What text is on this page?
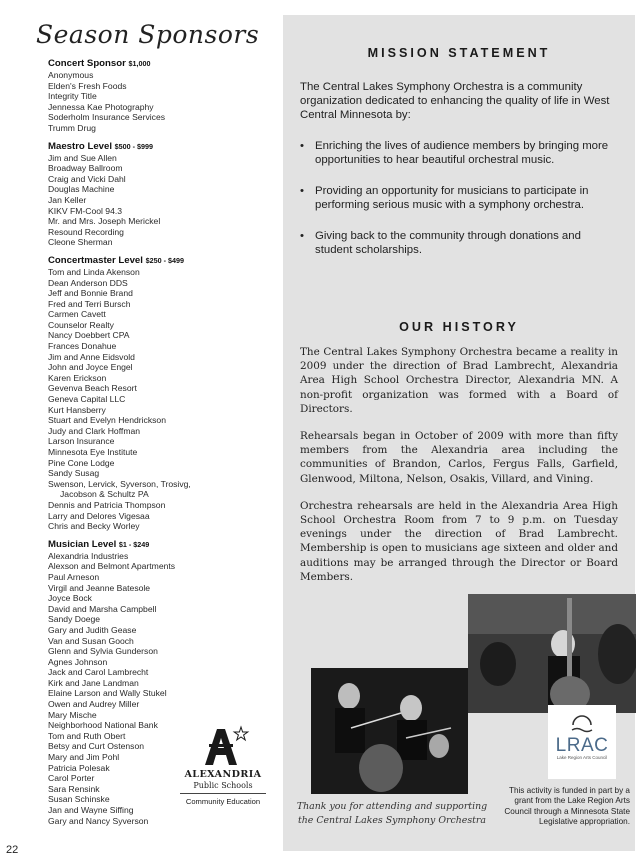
Season Sponsors
Concert Sponsor $1,000
Anonymous
Elden's Fresh Foods
Integrity Title
Jennessa Kae Photography
Soderholm Insurance Services
Trumm Drug
Maestro Level $500 - $999
Jim and Sue Allen
Broadway Ballroom
Craig and Vicki Dahl
Douglas Machine
Jan Keller
KIKV FM-Cool 94.3
Mr. and Mrs. Joseph Merickel
Resound Recording
Cleone Sherman
Concertmaster Level $250 - $499
Tom and Linda Akenson
Dean Anderson DDS
Jeff and Bonnie Brand
Fred and Terri Bursch
Carmen Cavett
Counselor Realty
Nancy Doebbert CPA
Frances Donahue
Jim and Anne Eidsvold
John and Joyce Engel
Karen Erickson
Gevenva Beach Resort
Geneva Capital LLC
Kurt Hansberry
Stuart and Evelyn Hendrickson
Judy and Clark Hoffman
Larson Insurance
Minnesota Eye Institute
Pine Cone Lodge
Sandy Susag
Swenson, Lervick, Syverson, Trosivg,
Jacobson & Schultz PA
Dennis and Patricia Thompson
Larry and Delores Vigesaa
Chris and Becky Worley
Musician Level $1 - $249
Alexandria Industries
Alexson and Belmont Apartments
Paul Arneson
Virgil and Jeanne Batesole
Joyce Bock
David and Marsha Campbell
Sandy Doege
Gary and Judith Gease
Van and Susan Gooch
Glenn and Sylvia Gunderson
Agnes Johnson
Jack and Carol Lambrecht
Kirk and Jane Landman
Elaine Larson and Wally Stukel
Owen and Audrey Miller
Mary Mische
Neighborhood National Bank
Tom and Ruth Obert
Betsy and Curt Ostenson
Mary and Jim Pohl
Patricia Polesak
Carol Porter
Sara Rensink
Susan Schinske
Jan and Wayne Siffing
Gary and Nancy Syverson
ALEXANDRIA
Public Schools
Community Education
22
MISSION STATEMENT
The Central Lakes Symphony Orchestra is a community organization dedicated to enhancing the quality of life in West Central Minnesota by:
• Enriching the lives of audience members by bringing more opportunities to hear beautiful orchestral music.
• Providing an opportunity for musicians to participate in performing serious music with a symphony orchestra.
• Giving back to the community through donations and student scholarships.
OUR HISTORY

The Central Lakes Symphony Orchestra became a reality in 2009 under the direction of Brad Lambrecht, Alexandria Area High School Orchestra Director, Alexandria MN. A non-profit organization was formed with a Board of Directors.

Rehearsals began in October of 2009 with more than fifty members from the Alexandria area including the communities of Brandon, Carlos, Fergus Falls, Garfield, Glenwood, Miltona, Nelson, Osakis, Villard, and Vining.

Orchestra rehearsals are held in the Alexandria Area High School Orchestra Room from 7 to 9 p.m. on Tuesday evenings under the direction of Brad Lambrecht. Membership is open to musicians age sixteen and older and auditions may be arranged through the Director or Board Members.

LRAC
Lake Region Arts Council
Thank you for attending and supporting
the Central Lakes Symphony Orchestra
This activity is funded in part by a grant from the Lake Region Arts Council through a Minnesota State Legislative appropriation.
